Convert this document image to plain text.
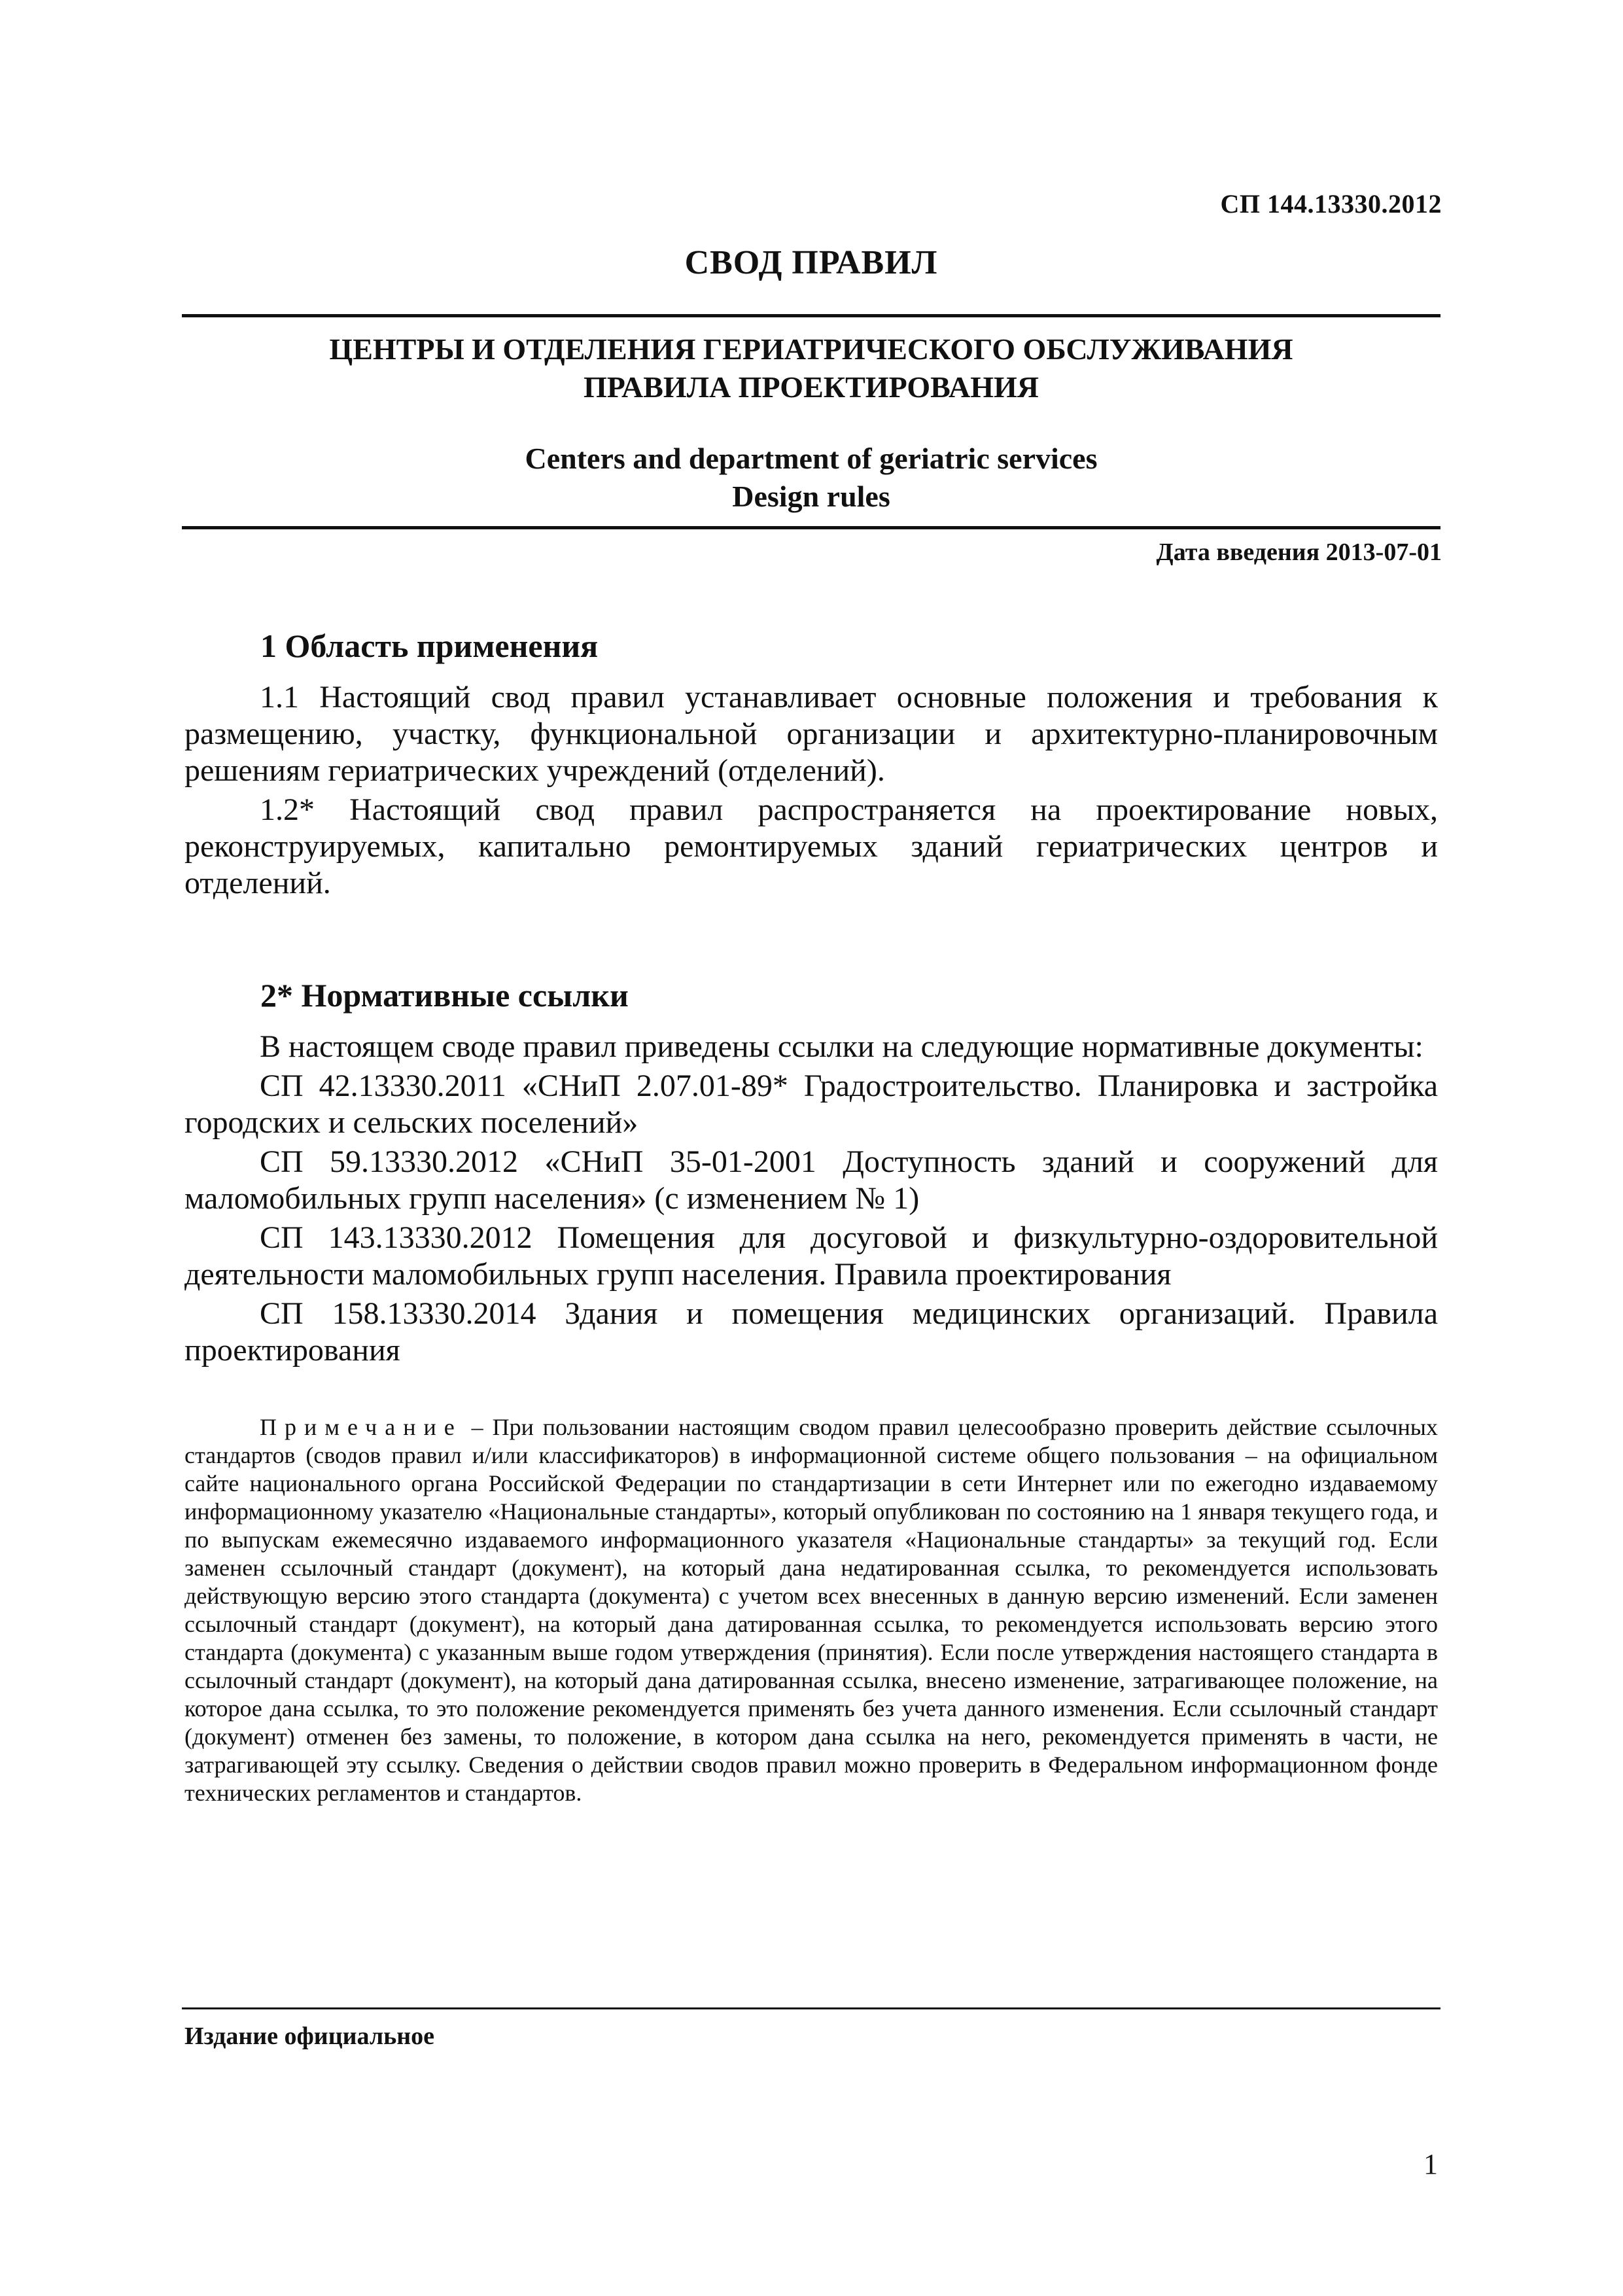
СП 144.13330.2012
СВОД ПРАВИЛ
ЦЕНТРЫ И ОТДЕЛЕНИЯ ГЕРИАТРИЧЕСКОГО ОБСЛУЖИВАНИЯ
ПРАВИЛА ПРОЕКТИРОВАНИЯ
Centers and department of geriatric services
Design rules
Дата введения 2013-07-01
1 Область применения

1.1 Настоящий свод правил устанавливает основные положения и требования к размещению, участку, функциональной организации и архитектурно-планировочным решениям гериатрических учреждений (отделений).

1.2* Настоящий свод правил распространяется на проектирование новых, реконструируемых, капитально ремонтируемых зданий гериатрических центров и отделений.

2* Нормативные ссылки

В настоящем своде правил приведены ссылки на следующие нормативные документы:

СП 42.13330.2011 «СНиП 2.07.01-89* Градостроительство. Планировка и застройка городских и сельских поселений»

СП 59.13330.2012 «СНиП 35-01-2001 Доступность зданий и сооружений для маломобильных групп населения» (с изменением № 1)

СП 143.13330.2012 Помещения для досуговой и физкультурно-оздоровительной деятельности маломобильных групп населения. Правила проектирования

СП 158.13330.2014 Здания и помещения медицинских организаций. Правила проектирования

Примечание – При пользовании настоящим сводом правил целесообразно проверить действие ссылочных стандартов (сводов правил и/или классификаторов) в информационной системе общего пользования – на официальном сайте национального органа Российской Федерации по стандартизации в сети Интернет или по ежегодно издаваемому информационному указателю «Национальные стандарты», который опубликован по состоянию на 1 января текущего года, и по выпускам ежемесячно издаваемого информационного указателя «Национальные стандарты» за текущий год. Если заменен ссылочный стандарт (документ), на который дана недатированная ссылка, то рекомендуется использовать действующую версию этого стандарта (документа) с учетом всех внесенных в данную версию изменений. Если заменен ссылочный стандарт (документ), на который дана датированная ссылка, то рекомендуется использовать версию этого стандарта (документа) с указанным выше годом утверждения (принятия). Если после утверждения настоящего стандарта в ссылочный стандарт (документ), на который дана датированная ссылка, внесено изменение, затрагивающее положение, на которое дана ссылка, то это положение рекомендуется применять без учета данного изменения. Если ссылочный стандарт (документ) отменен без замены, то положение, в котором дана ссылка на него, рекомендуется применять в части, не затрагивающей эту ссылку. Сведения о действии сводов правил можно проверить в Федеральном информационном фонде технических регламентов и стандартов.

Издание официальное
1
